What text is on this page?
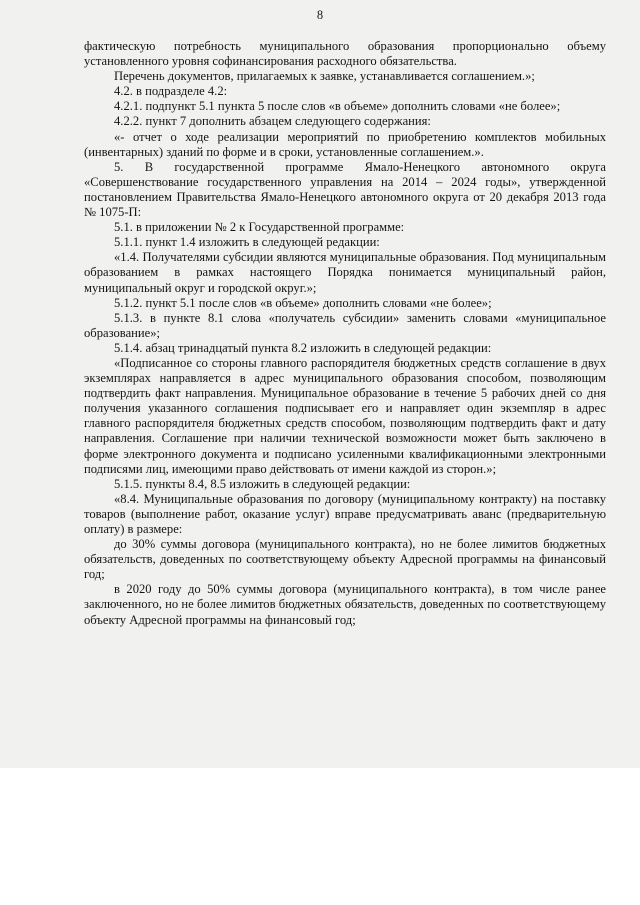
8

фактическую потребность муниципального образования пропорционально объему установленного уровня софинансирования расходного обязательства.

Перечень документов, прилагаемых к заявке, устанавливается соглашением.»;

4.2. в подразделе 4.2:

4.2.1. подпункт 5.1 пункта 5 после слов «в объеме» дополнить словами «не более»;

4.2.2. пункт 7 дополнить абзацем следующего содержания:

«- отчет о ходе реализации мероприятий по приобретению комплектов мобильных (инвентарных) зданий по форме и в сроки, установленные соглашением.».

5. В государственной программе Ямало-Ненецкого автономного округа «Совершенствование государственного управления на 2014 – 2024 годы», утвержденной постановлением Правительства Ямало-Ненецкого автономного округа от 20 декабря 2013 года № 1075-П:

5.1. в приложении № 2 к Государственной программе:

5.1.1. пункт 1.4 изложить в следующей редакции:

«1.4. Получателями субсидии являются муниципальные образования. Под муниципальным образованием в рамках настоящего Порядка понимается муниципальный район, муниципальный округ и городской округ.»;

5.1.2. пункт 5.1 после слов «в объеме» дополнить словами «не более»;

5.1.3. в пункте 8.1 слова «получатель субсидии» заменить словами «муниципальное образование»;

5.1.4. абзац тринадцатый пункта 8.2 изложить в следующей редакции:

«Подписанное со стороны главного распорядителя бюджетных средств соглашение в двух экземплярах направляется в адрес муниципального образования способом, позволяющим подтвердить факт направления. Муниципальное образование в течение 5 рабочих дней со дня получения указанного соглашения подписывает его и направляет один экземпляр в адрес главного распорядителя бюджетных средств способом, позволяющим подтвердить факт и дату направления. Соглашение при наличии технической возможности может быть заключено в форме электронного документа и подписано усиленными квалификационными электронными подписями лиц, имеющими право действовать от имени каждой из сторон.»;

5.1.5. пункты 8.4, 8.5 изложить в следующей редакции:

«8.4. Муниципальные образования по договору (муниципальному контракту) на поставку товаров (выполнение работ, оказание услуг) вправе предусматривать аванс (предварительную оплату) в размере:

до 30% суммы договора (муниципального контракта), но не более лимитов бюджетных обязательств, доведенных по соответствующему объекту Адресной программы на финансовый год;

в 2020 году до 50% суммы договора (муниципального контракта), в том числе ранее заключенного, но не более лимитов бюджетных обязательств, доведенных по соответствующему объекту Адресной программы на финансовый год;
